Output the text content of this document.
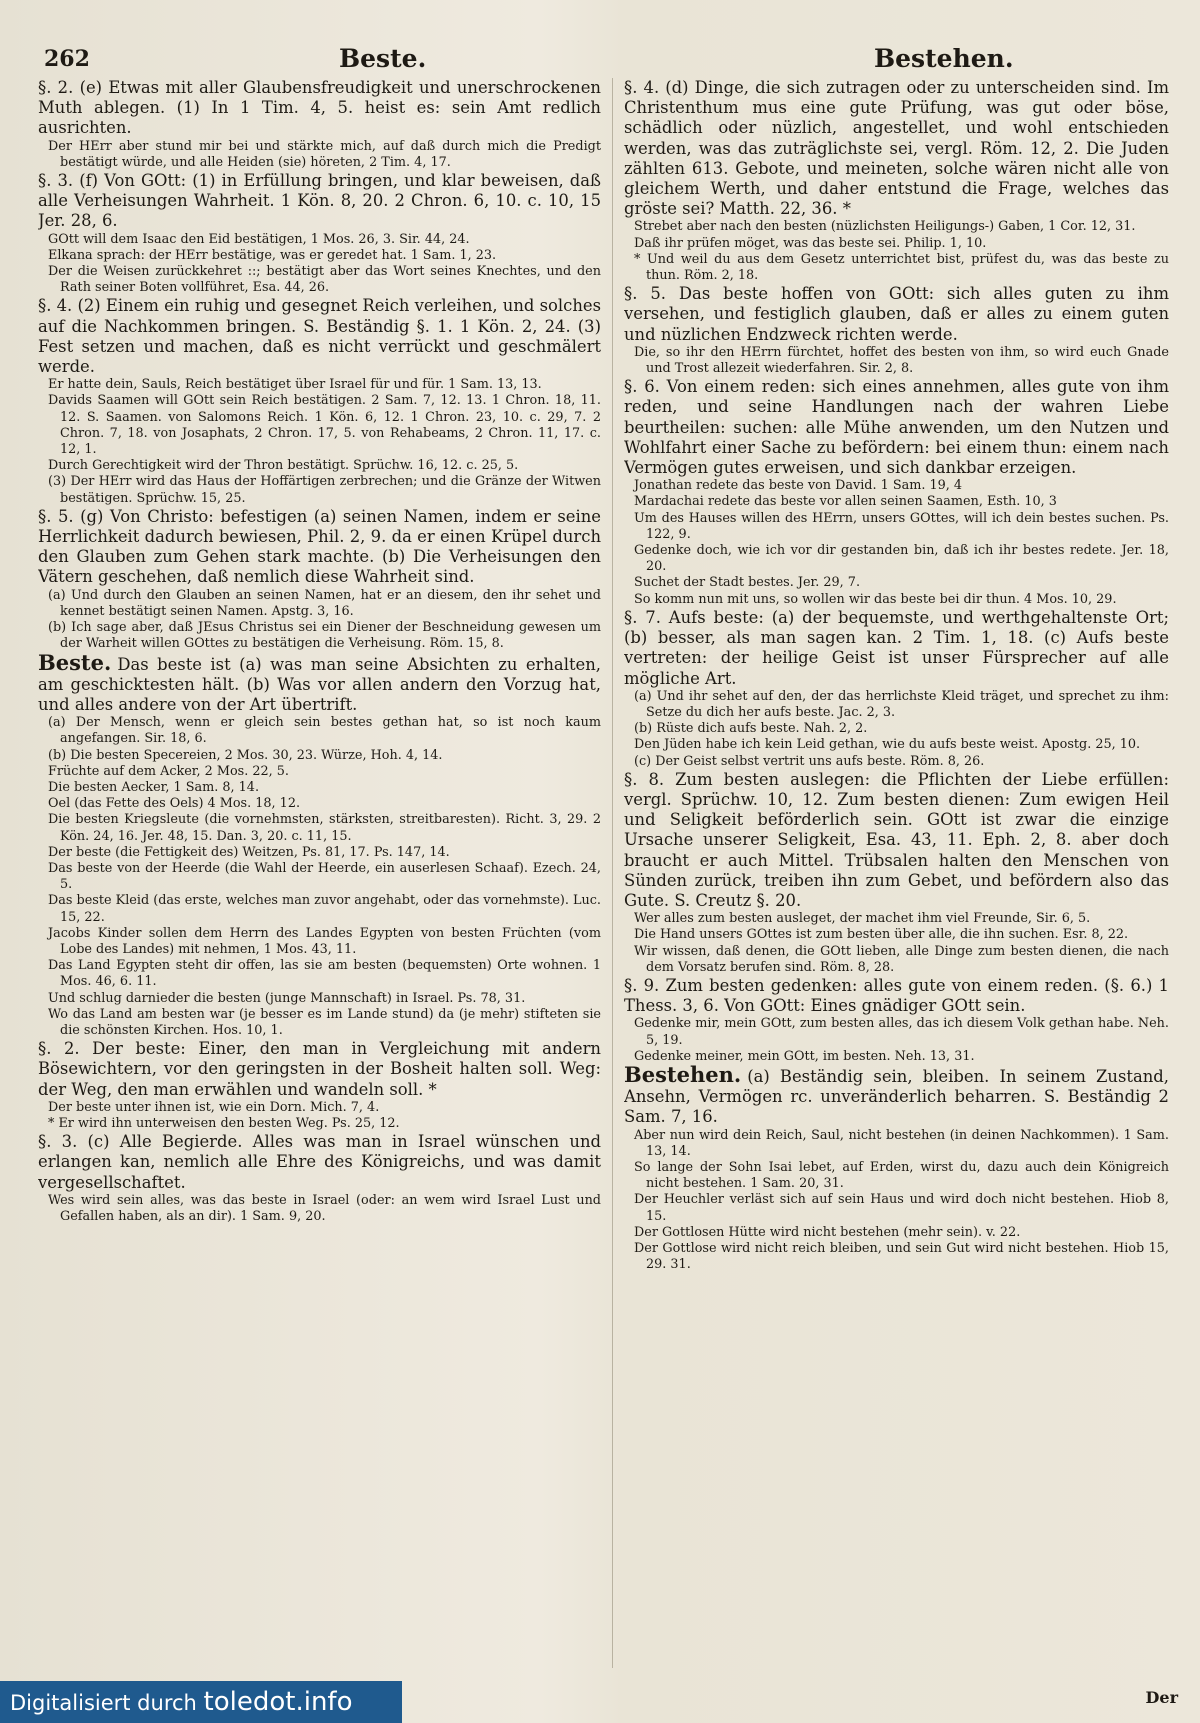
262	Beste.	Bestehen.

§. 2. (e) Etwas mit aller Glaubensfreudigkeit und unerschrockenen Muth ablegen. (1) In 1 Tim. 4, 5. heist es: sein Amt redlich ausrichten.

Der HErr aber stund mir bei und stärkte mich, auf daß durch mich die Predigt bestätigt würde, und alle Heiden (sie) höreten, 2 Tim. 4, 17.

§. 3. (f) Von GOtt: (1) in Erfüllung bringen, und klar beweisen, daß alle Verheisungen Wahrheit. 1 Kön. 8, 20. 2 Chron. 6, 10. c. 10, 15 Jer. 28, 6.

GOtt will dem Isaac den Eid bestätigen, 1 Mos. 26, 3. Sir. 44, 24.

Elkana sprach: der HErr bestätige, was er geredet hat. 1 Sam. 1, 23.

Der die Weisen zurückkehret ::; bestätigt aber das Wort seines Knechtes, und den Rath seiner Boten vollführet, Esa. 44, 26.

§. 4. (2) Einem ein ruhig und gesegnet Reich verleihen, und solches auf die Nachkommen bringen. S. Beständig §. 1. 1 Kön. 2, 24. (3) Fest setzen und machen, daß es nicht verrückt und geschmälert werde.

Er hatte dein, Sauls, Reich bestätiget über Israel für und für. 1 Sam. 13, 13.

Davids Saamen will GOtt sein Reich bestätigen. 2 Sam. 7, 12. 13. 1 Chron. 18, 11. 12. S. Saamen. von Salomons Reich. 1 Kön. 6, 12. 1 Chron. 23, 10. c. 29, 7. 2 Chron. 7, 18. von Josaphats, 2 Chron. 17, 5. von Rehabeams, 2 Chron. 11, 17. c. 12, 1.

Durch Gerechtigkeit wird der Thron bestätigt. Sprüchw. 16, 12. c. 25, 5.

(3) Der HErr wird das Haus der Hoffärtigen zerbrechen; und die Gränze der Witwen bestätigen. Sprüchw. 15, 25.

§. 5. (g) Von Christo: befestigen (a) seinen Namen, indem er seine Herrlichkeit dadurch bewiesen, Phil. 2, 9. da er einen Krüpel durch den Glauben zum Gehen stark machte. (b) Die Verheisungen den Vätern geschehen, daß nemlich diese Wahrheit sind.

(a) Und durch den Glauben an seinen Namen, hat er an diesem, den ihr sehet und kennet bestätigt seinen Namen. Apstg. 3, 16.

(b) Ich sage aber, daß JEsus Christus sei ein Diener der Beschneidung gewesen um der Warheit willen GOttes zu bestätigen die Verheisung. Röm. 15, 8.

Beste. Das beste ist (a) was man seine Absichten zu erhalten, am geschicktesten hält. (b) Was vor allen andern den Vorzug hat, und alles andere von der Art übertrift.

(a) Der Mensch, wenn er gleich sein bestes gethan hat, so ist noch kaum angefangen. Sir. 18, 6.

(b) Die besten Specereien, 2 Mos. 30, 23. Würze, Hoh. 4, 14.

Früchte auf dem Acker, 2 Mos. 22, 5.

Die besten Aecker, 1 Sam. 8, 14.

Oel (das Fette des Oels) 4 Mos. 18, 12.

Die besten Kriegsleute (die vornehmsten, stärksten, streitbaresten). Richt. 3, 29. 2 Kön. 24, 16. Jer. 48, 15. Dan. 3, 20. c. 11, 15.

Der beste (die Fettigkeit des) Weitzen, Ps. 81, 17. Ps. 147, 14.

Das beste von der Heerde (die Wahl der Heerde, ein auserlesen Schaaf). Ezech. 24, 5.

Das beste Kleid (das erste, welches man zuvor angehabt, oder das vornehmste). Luc. 15, 22.

Jacobs Kinder sollen dem Herrn des Landes Egypten von besten Früchten (vom Lobe des Landes) mit nehmen, 1 Mos. 43, 11.

Das Land Egypten steht dir offen, las sie am besten (bequemsten) Orte wohnen. 1 Mos. 46, 6. 11.

Und schlug darnieder die besten (junge Mannschaft) in Israel. Ps. 78, 31.

Wo das Land am besten war (je besser es im Lande stund) da (je mehr) stifteten sie die schönsten Kirchen. Hos. 10, 1.

§. 2. Der beste: Einer, den man in Vergleichung mit andern Bösewichtern, vor den geringsten in der Bosheit halten soll. Weg: der Weg, den man erwählen und wandeln soll. *

Der beste unter ihnen ist, wie ein Dorn. Mich. 7, 4.

* Er wird ihn unterweisen den besten Weg. Ps. 25, 12.

§. 3. (c) Alle Begierde. Alles was man in Israel wünschen und erlangen kan, nemlich alle Ehre des Königreichs, und was damit vergesellschaftet.

Wes wird sein alles, was das beste in Israel (oder: an wem wird Israel Lust und Gefallen haben, als an dir). 1 Sam. 9, 20.

§. 4. (d) Dinge, die sich zutragen oder zu unterscheiden sind. Im Christenthum mus eine gute Prüfung, was gut oder böse, schädlich oder nüzlich, angestellet, und wohl entschieden werden, was das zuträglichste sei, vergl. Röm. 12, 2. Die Juden zählten 613. Gebote, und meineten, solche wären nicht alle von gleichem Werth, und daher entstund die Frage, welches das gröste sei? Matth. 22, 36. *

Strebet aber nach den besten (nüzlichsten Heiligungs-) Gaben, 1 Cor. 12, 31.

Daß ihr prüfen möget, was das beste sei. Philip. 1, 10.

* Und weil du aus dem Gesetz unterrichtet bist, prüfest du, was das beste zu thun. Röm. 2, 18.

§. 5. Das beste hoffen von GOtt: sich alles guten zu ihm versehen, und festiglich glauben, daß er alles zu einem guten und nüzlichen Endzweck richten werde.

Die, so ihr den HErrn fürchtet, hoffet des besten von ihm, so wird euch Gnade und Trost allezeit wiederfahren. Sir. 2, 8.

§. 6. Von einem reden: sich eines annehmen, alles gute von ihm reden, und seine Handlungen nach der wahren Liebe beurtheilen: suchen: alle Mühe anwenden, um den Nutzen und Wohlfahrt einer Sache zu befördern: bei einem thun: einem nach Vermögen gutes erweisen, und sich dankbar erzeigen.

Jonathan redete das beste von David. 1 Sam. 19, 4

Mardachai redete das beste vor allen seinen Saamen, Esth. 10, 3

Um des Hauses willen des HErrn, unsers GOttes, will ich dein bestes suchen. Ps. 122, 9.

Gedenke doch, wie ich vor dir gestanden bin, daß ich ihr bestes redete. Jer. 18, 20.

Suchet der Stadt bestes. Jer. 29, 7.

So komm nun mit uns, so wollen wir das beste bei dir thun. 4 Mos. 10, 29.

§. 7. Aufs beste: (a) der bequemste, und werthgehaltenste Ort; (b) besser, als man sagen kan. 2 Tim. 1, 18. (c) Aufs beste vertreten: der heilige Geist ist unser Fürsprecher auf alle mögliche Art.

(a) Und ihr sehet auf den, der das herrlichste Kleid träget, und sprechet zu ihm: Setze du dich her aufs beste. Jac. 2, 3.

(b) Rüste dich aufs beste. Nah. 2, 2.

Den Jüden habe ich kein Leid gethan, wie du aufs beste weist. Apostg. 25, 10.

(c) Der Geist selbst vertrit uns aufs beste. Röm. 8, 26.

§. 8. Zum besten auslegen: die Pflichten der Liebe erfüllen: vergl. Sprüchw. 10, 12. Zum besten dienen: Zum ewigen Heil und Seligkeit beförderlich sein. GOtt ist zwar die einzige Ursache unserer Seligkeit, Esa. 43, 11. Eph. 2, 8. aber doch braucht er auch Mittel. Trübsalen halten den Menschen von Sünden zurück, treiben ihn zum Gebet, und befördern also das Gute. S. Creutz §. 20.

Wer alles zum besten ausleget, der machet ihm viel Freunde, Sir. 6, 5.

Die Hand unsers GOttes ist zum besten über alle, die ihn suchen. Esr. 8, 22.

Wir wissen, daß denen, die GOtt lieben, alle Dinge zum besten dienen, die nach dem Vorsatz berufen sind. Röm. 8, 28.

§. 9. Zum besten gedenken: alles gute von einem reden. (§. 6.) 1 Thess. 3, 6. Von GOtt: Eines gnädiger GOtt sein.

Gedenke mir, mein GOtt, zum besten alles, das ich diesem Volk gethan habe. Neh. 5, 19.

Gedenke meiner, mein GOtt, im besten. Neh. 13, 31.

Bestehen. (a) Beständig sein, bleiben. In seinem Zustand, Ansehn, Vermögen rc. unveränderlich beharren. S. Beständig 2 Sam. 7, 16.

Aber nun wird dein Reich, Saul, nicht bestehen (in deinen Nachkommen). 1 Sam. 13, 14.

So lange der Sohn Isai lebet, auf Erden, wirst du, dazu auch dein Königreich nicht bestehen. 1 Sam. 20, 31.

Der Heuchler verläst sich auf sein Haus und wird doch nicht bestehen. Hiob 8, 15.

Der Gottlosen Hütte wird nicht bestehen (mehr sein). v. 22.

Der Gottlose wird nicht reich bleiben, und sein Gut wird nicht bestehen. Hiob 15, 29. 31.

Der
Digitalisiert durch toledot.info
